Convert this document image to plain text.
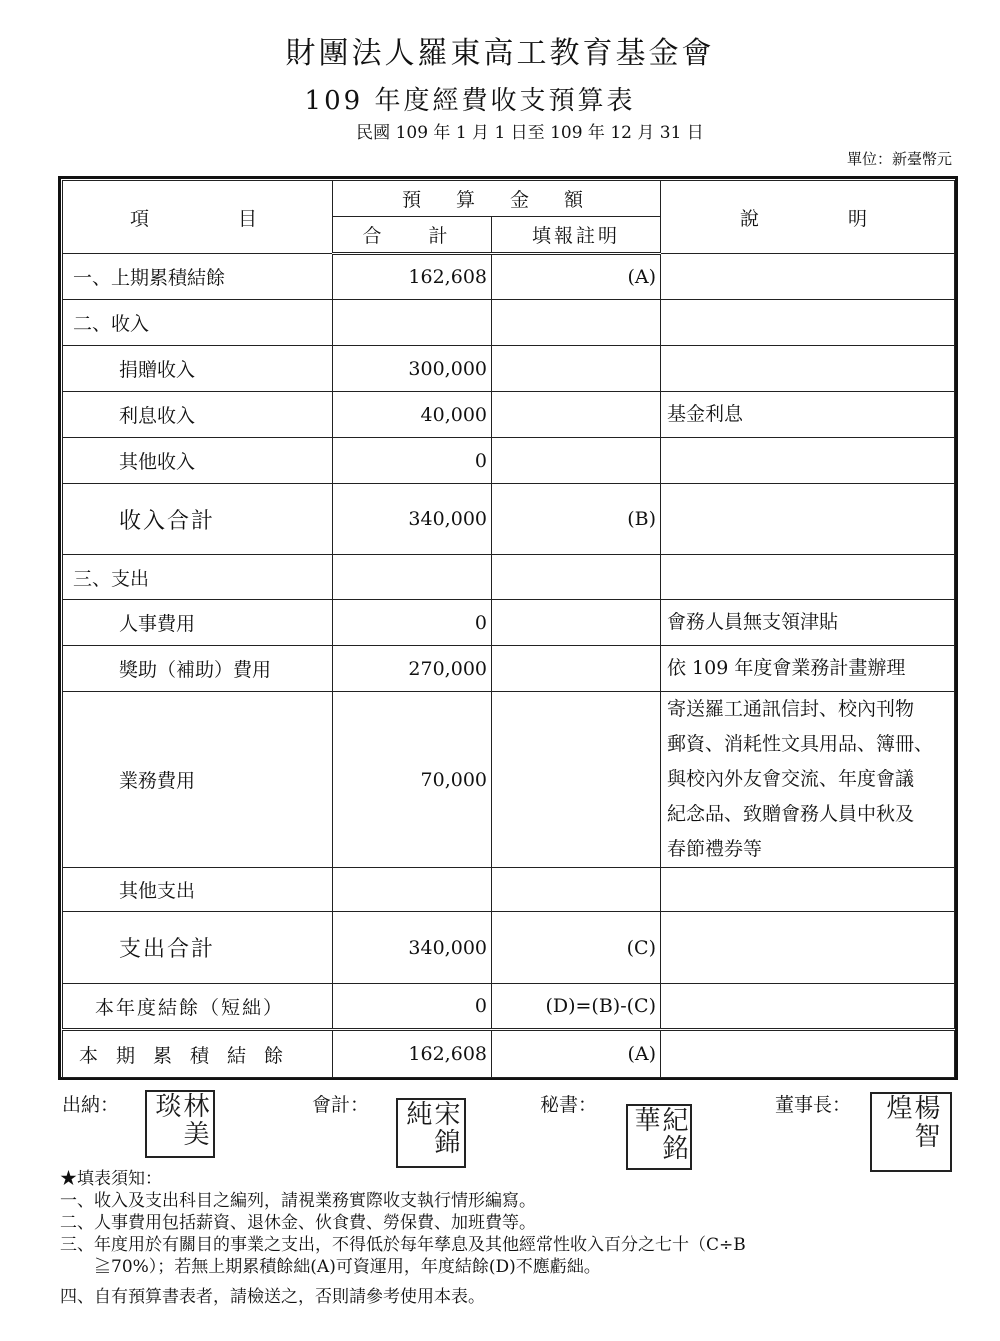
財團法人羅東高工教育基金會
109 年度經費收支預算表
民國 109 年 1 月 1 日至 109 年 12 月 31 日
單位：新臺幣元
項　　　目	預　算　金　額		說　　　明
	合　計	填報註明	
一、上期累積結餘	162,608	(A)	
二、收入			
捐贈收入	300,000		
利息收入	40,000		基金利息
其他收入	0		
收入合計	340,000	(B)	
三、支出			
人事費用	0		會務人員無支領津貼
獎助（補助）費用	270,000		依 109 年度會業務計畫辦理
業務費用	70,000		寄送羅工通訊信封、校內刊物
郵資、消耗性文具用品、簿冊、
與校內外友會交流、年度會議
紀念品、致贈會務人員中秋及
春節禮券等

其他支出			
支出合計	340,000	(C)	
本年度結餘（短絀）	0	(D)=(B)-(C)	
本期累積結餘	162,608	(A)	
出納：	林美琰	會計：	宋錦純	秘書：
紀銘華
董事長：	楊智煌
★填表須知：
一、收入及支出科目之編列，請視業務實際收支執行情形編寫。
二、人事費用包括薪資、退休金、伙食費、勞保費、加班費等。
三、年度用於有關目的事業之支出，不得低於每年孳息及其他經常性收入百分之七十（C÷B
　　≧70%）；若無上期累積餘絀(A)可資運用，年度結餘(D)不應虧絀。
四、自有預算書表者，請檢送之，否則請參考使用本表。
